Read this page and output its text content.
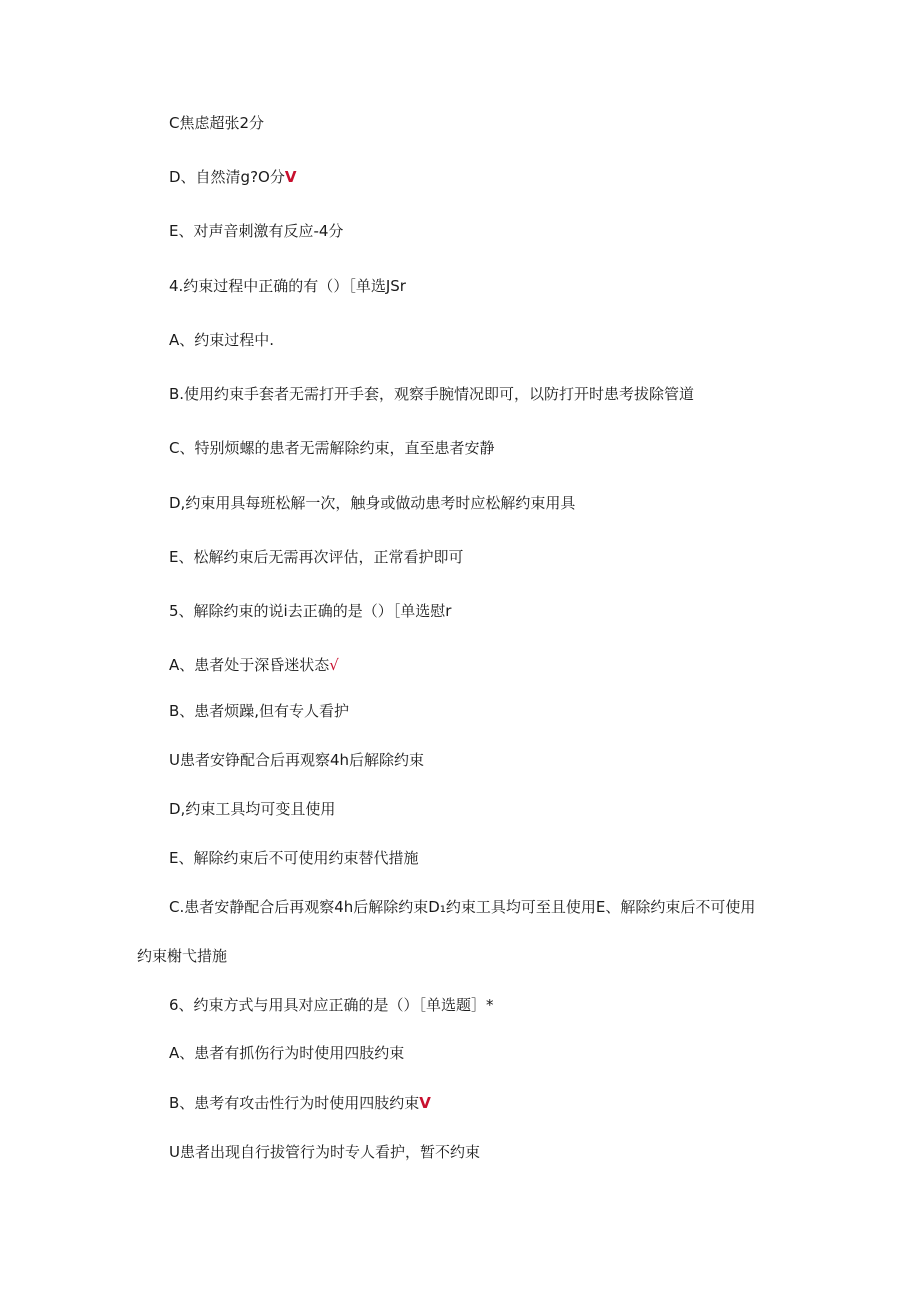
C焦虑超张2分
D、自然清g?O分V
E、对声音刺激有反应-4分
4.约束过程中正确的有（）［单选JSr
A、约束过程中.
B.使用约束手套者无需打开手套，观察手腕情况即可，以防打开时患考拔除管道
C、特别烦螺的患者无需解除约束，直至患者安静
D,约束用具每班松解一次，触身或做动患考时应松解约束用具
E、松解约束后无需再次评估，正常看护即可
5、解除约束的说i去正确的是（）［单选慰r
A、患者处于深昏迷状态√
B、患者烦躁,但有专人看护
U患者安铮配合后再观察4h后解除约束
D,约束工具均可变且使用
E、解除约束后不可使用约束替代措施
C.患者安静配合后再观察4h后解除约束D₁约束工具均可至且使用E、解除约束后不可使用
约束榭弋措施
6、约束方式与用具对应正确的是（）［单选题］*
A、患者有抓伤行为时使用四肢约束
B、患考有攻击性行为时使用四肢约束V
U患者出现自行拔管行为时专人看护，暂不约束
